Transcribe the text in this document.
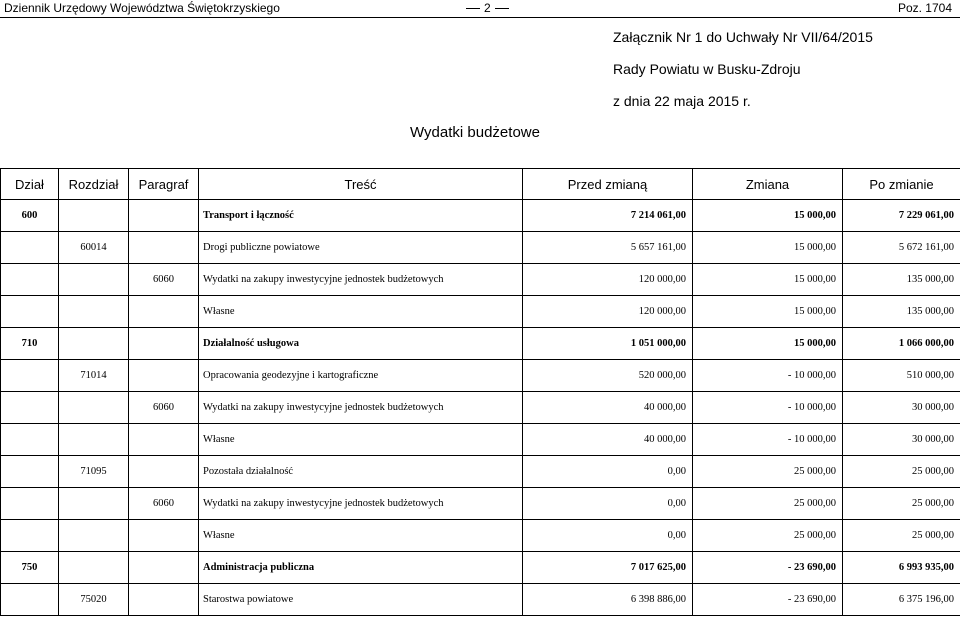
Dziennik Urzędowy Województwa Świętokrzyskiego	2	Poz. 1704
Załącznik Nr 1 do Uchwały Nr VII/64/2015
Rady Powiatu w Busku-Zdroju
z dnia 22 maja 2015 r.
Wydatki budżetowe
Dział	Rozdział	Paragraf	Treść	Przed zmianą	Zmiana	Po zmianie
600			Transport i łączność	7 214 061,00	15 000,00	7 229 061,00
	60014		Drogi publiczne powiatowe	5 657 161,00	15 000,00	5 672 161,00
		6060	Wydatki na zakupy inwestycyjne jednostek budżetowych	120 000,00	15 000,00	135 000,00
			Własne	120 000,00	15 000,00	135 000,00
710			Działalność usługowa	1 051 000,00	15 000,00	1 066 000,00
	71014		Opracowania geodezyjne i kartograficzne	520 000,00	- 10 000,00	510 000,00
		6060	Wydatki na zakupy inwestycyjne jednostek budżetowych	40 000,00	- 10 000,00	30 000,00
			Własne	40 000,00	- 10 000,00	30 000,00
	71095		Pozostała działalność	0,00	25 000,00	25 000,00
		6060	Wydatki na zakupy inwestycyjne jednostek budżetowych	0,00	25 000,00	25 000,00
			Własne	0,00	25 000,00	25 000,00
750			Administracja publiczna	7 017 625,00	- 23 690,00	6 993 935,00
	75020		Starostwa powiatowe	6 398 886,00	- 23 690,00	6 375 196,00
